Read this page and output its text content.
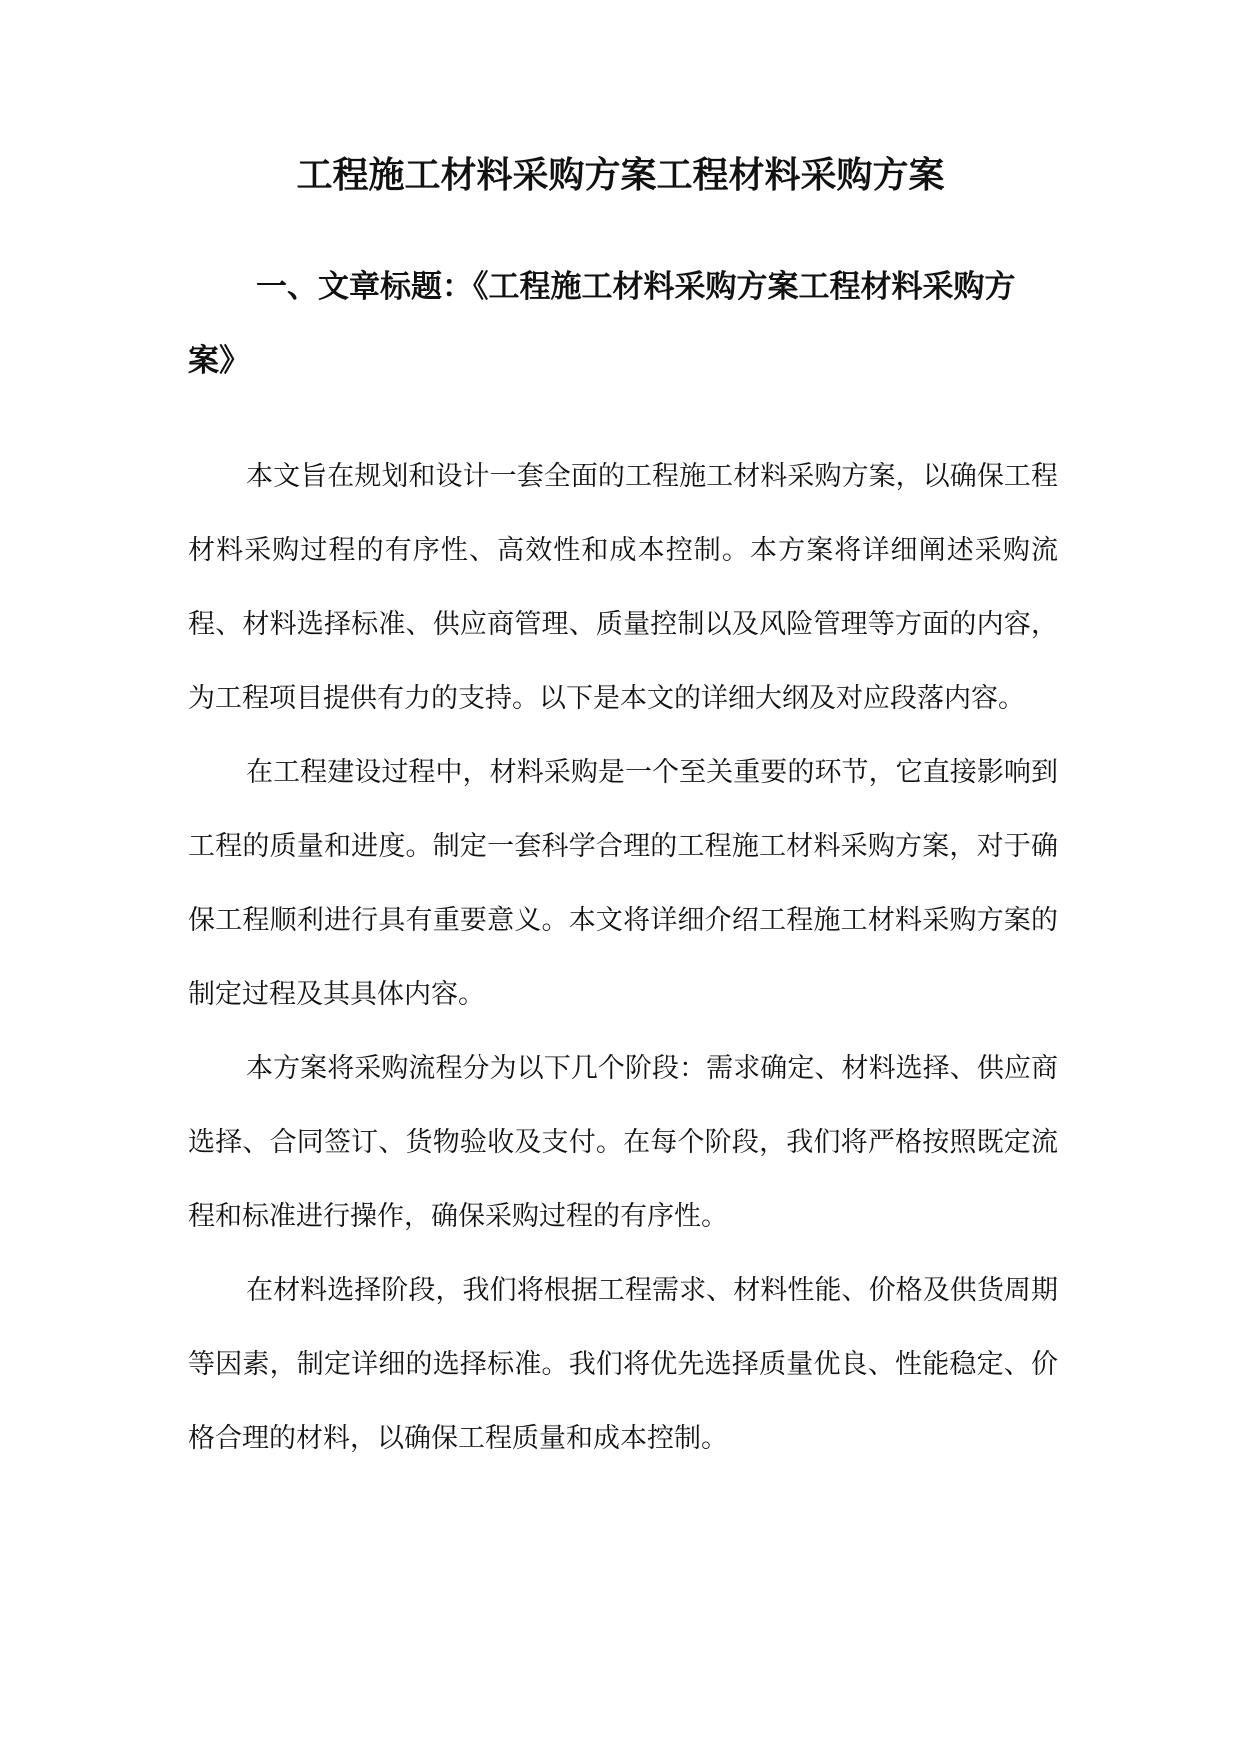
工程施工材料采购方案工程材料采购方案
一、文章标题：《工程施工材料采购方案工程材料采购方案》

本文旨在规划和设计一套全面的工程施工材料采购方案，以确保工程材料采购过程的有序性、高效性和成本控制。本方案将详细阐述采购流程、材料选择标准、供应商管理、质量控制以及风险管理等方面的内容，为工程项目提供有力的支持。以下是本文的详细大纲及对应段落内容。

在工程建设过程中，材料采购是一个至关重要的环节，它直接影响到工程的质量和进度。制定一套科学合理的工程施工材料采购方案，对于确保工程顺利进行具有重要意义。本文将详细介绍工程施工材料采购方案的制定过程及其具体内容。

本方案将采购流程分为以下几个阶段：需求确定、材料选择、供应商选择、合同签订、货物验收及支付。在每个阶段，我们将严格按照既定流程和标准进行操作，确保采购过程的有序性。

在材料选择阶段，我们将根据工程需求、材料性能、价格及供货周期等因素，制定详细的选择标准。我们将优先选择质量优良、性能稳定、价格合理的材料，以确保工程质量和成本控制。
